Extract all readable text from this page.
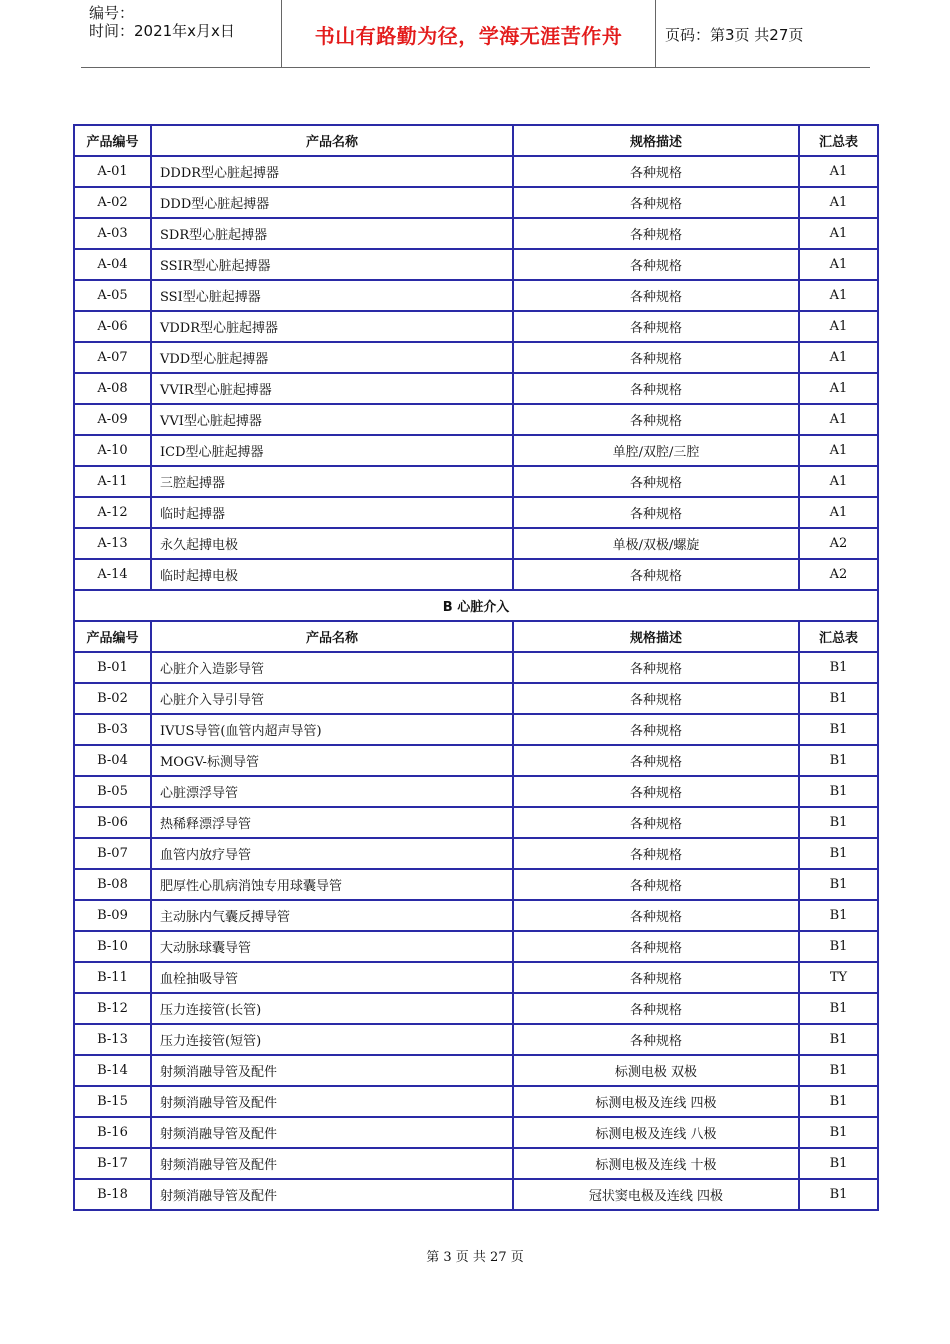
编号：
时间：2021年x月x日	书山有路勤为径，学海无涯苦作舟	页码：第3页 共27页
产品编号	产品名称	规格描述	汇总表
A-01	DDDR型心脏起搏器	各种规格	A1
A-02	DDD型心脏起搏器	各种规格	A1
A-03	SDR型心脏起搏器	各种规格	A1
A-04	SSIR型心脏起搏器	各种规格	A1
A-05	SSI型心脏起搏器	各种规格	A1
A-06	VDDR型心脏起搏器	各种规格	A1
A-07	VDD型心脏起搏器	各种规格	A1
A-08	VVIR型心脏起搏器	各种规格	A1
A-09	VVI型心脏起搏器	各种规格	A1
A-10	ICD型心脏起搏器	单腔/双腔/三腔	A1
A-11	三腔起搏器	各种规格	A1
A-12	临时起搏器	各种规格	A1
A-13	永久起搏电极	单极/双极/螺旋	A2
A-14	临时起搏电极	各种规格	A2
B 心脏介入			
产品编号	产品名称	规格描述	汇总表
B-01	心脏介入造影导管	各种规格	B1
B-02	心脏介入导引导管	各种规格	B1
B-03	IVUS导管(血管内超声导管)	各种规格	B1
B-04	MOGV-标测导管	各种规格	B1
B-05	心脏漂浮导管	各种规格	B1
B-06	热稀释漂浮导管	各种规格	B1
B-07	血管内放疗导管	各种规格	B1
B-08	肥厚性心肌病消蚀专用球囊导管	各种规格	B1
B-09	主动脉内气囊反搏导管	各种规格	B1
B-10	大动脉球囊导管	各种规格	B1
B-11	血栓抽吸导管	各种规格	TY
B-12	压力连接管(长管)	各种规格	B1
B-13	压力连接管(短管)	各种规格	B1
B-14	射频消融导管及配件	标测电极 双极	B1
B-15	射频消融导管及配件	标测电极及连线 四极	B1
B-16	射频消融导管及配件	标测电极及连线 八极	B1
B-17	射频消融导管及配件	标测电极及连线 十极	B1
B-18	射频消融导管及配件	冠状窦电极及连线 四极	B1
第 3 页 共 27 页
